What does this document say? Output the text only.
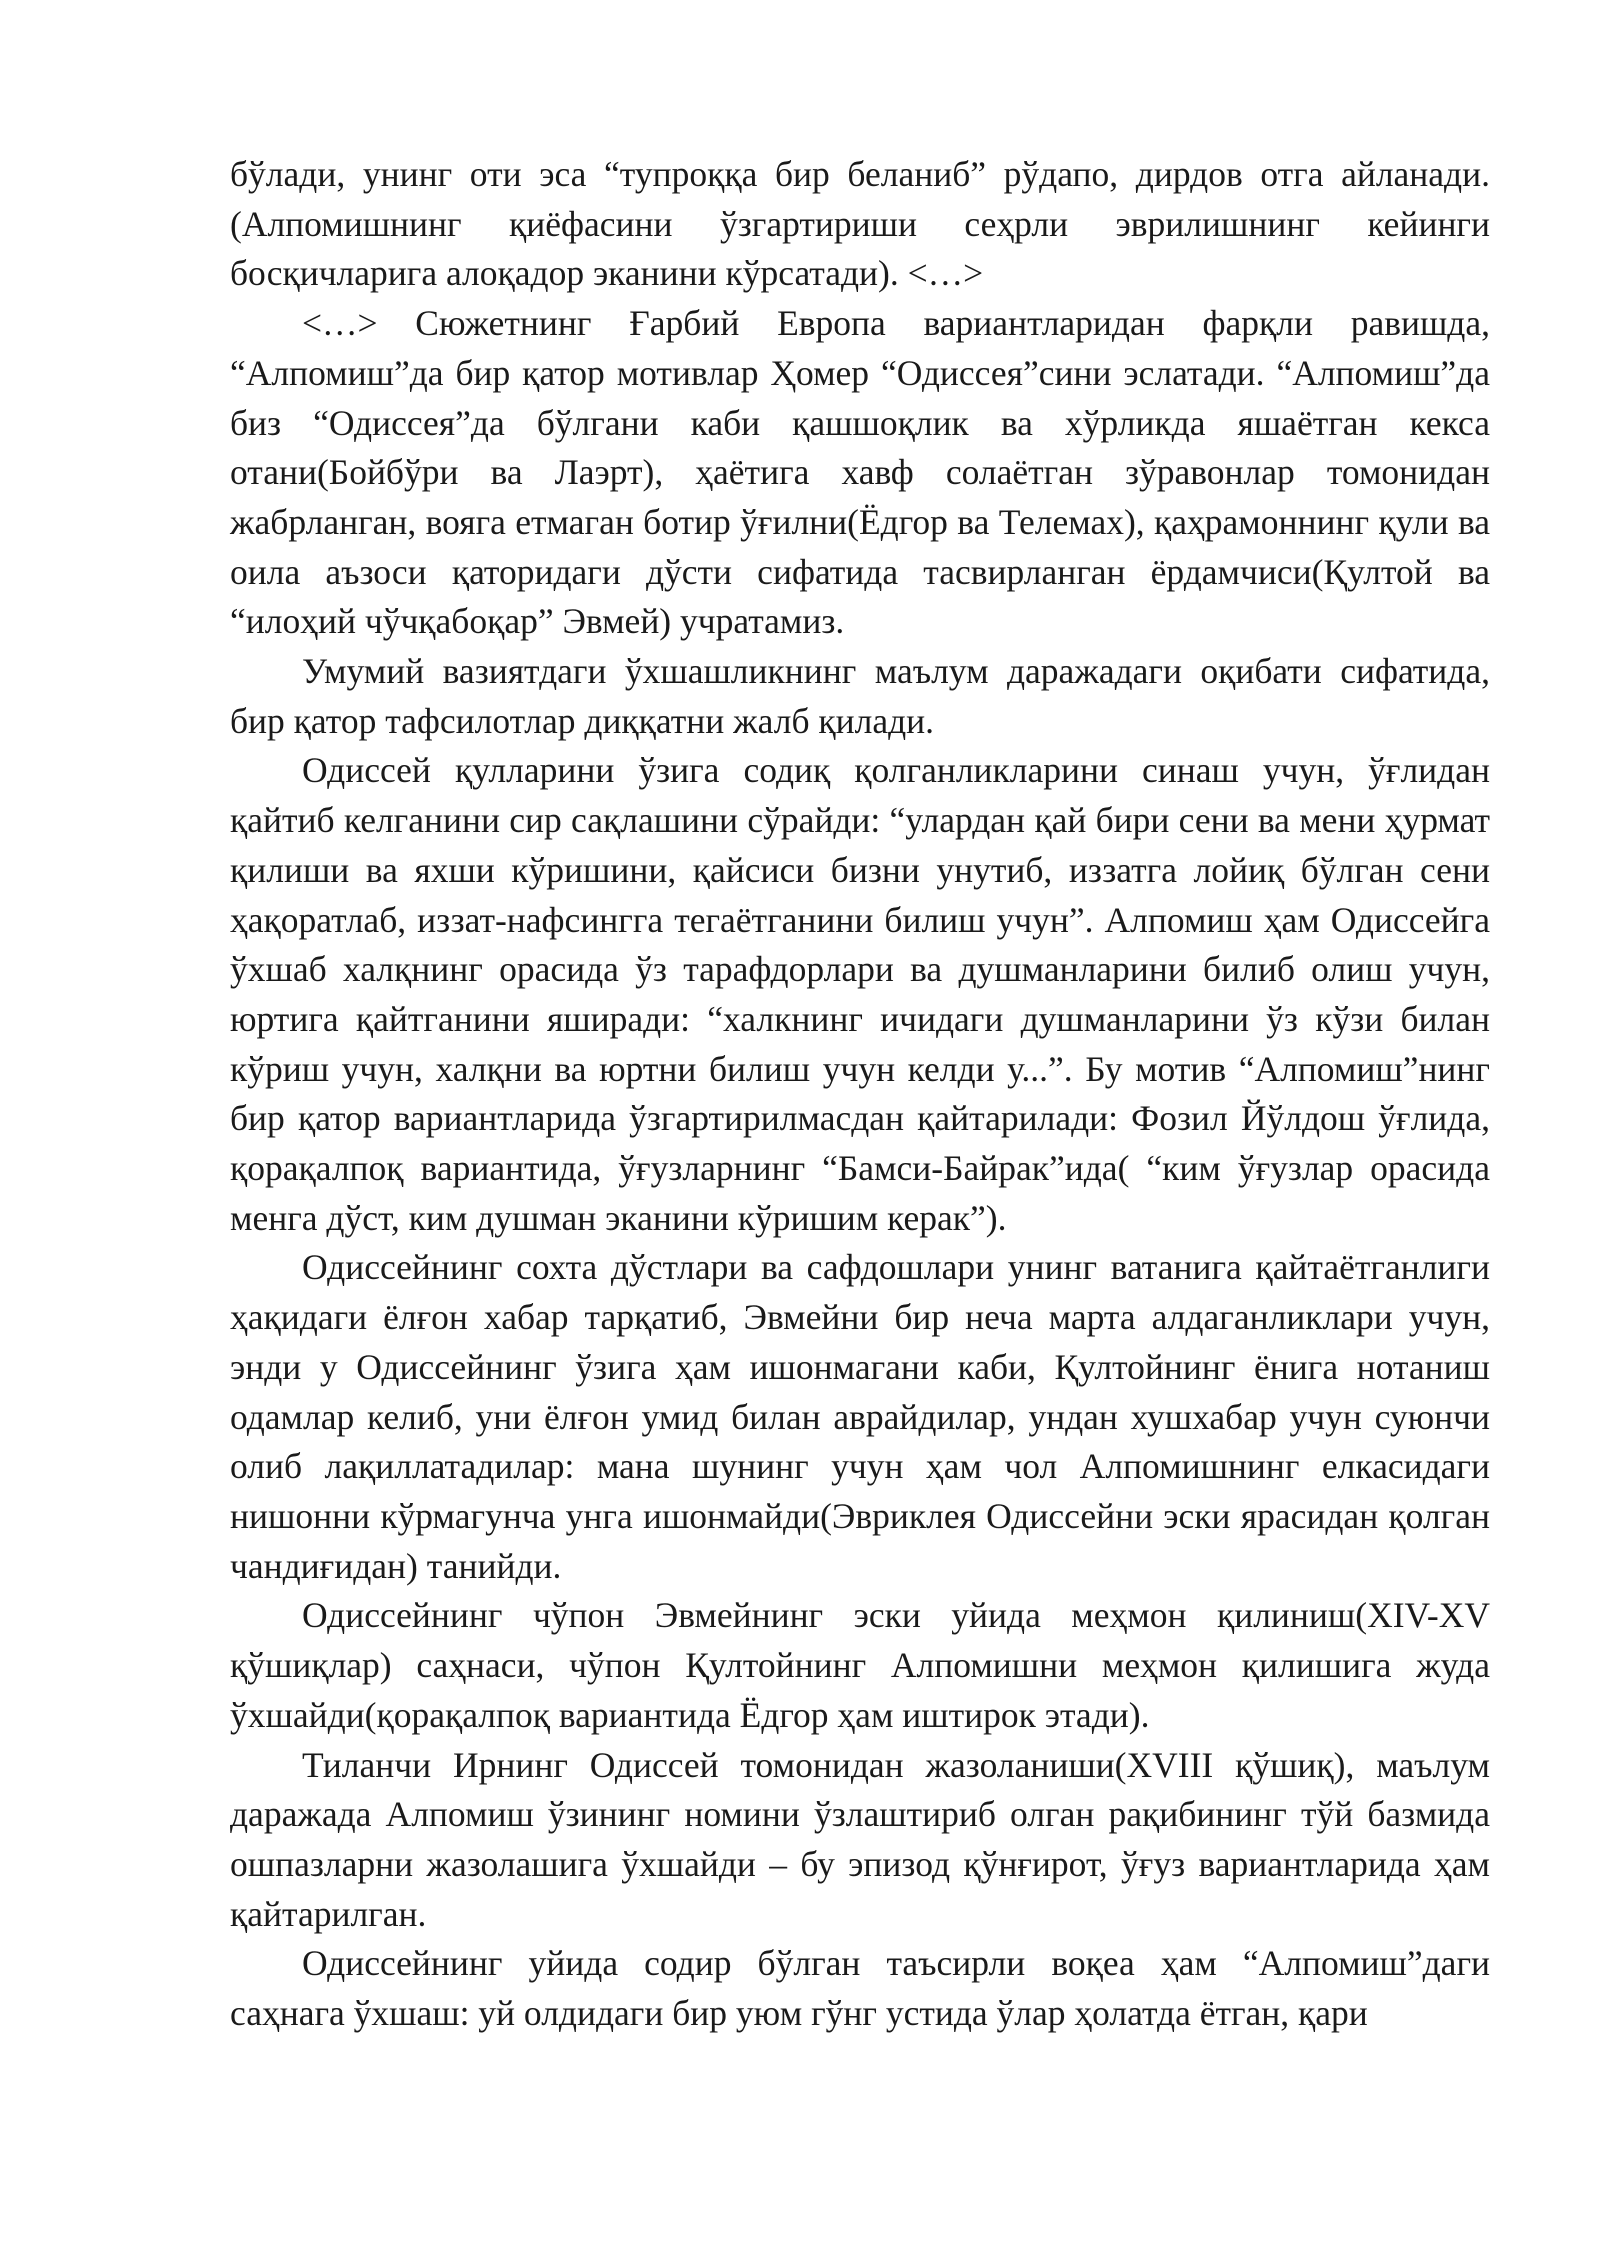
бўлади, унинг оти эса “тупроққа бир беланиб” рўдапо, дирдов отга айланади. (Алпомишнинг қиёфасини ўзгартириши сеҳрли эврилишнинг кейинги босқичларига алоқадор эканини кўрсатади). <…>

<…> Сюжетнинг Ғарбий Европа вариантларидан фарқли равишда, “Алпомиш”да бир қатор мотивлар Ҳомер “Одиссея”сини эслатади. “Алпомиш”да биз “Одиссея”да бўлгани каби қашшоқлик ва хўрликда яшаётган кекса отани(Бойбўри ва Лаэрт), ҳаётига хавф солаётган зўравонлар томонидан жабрланган, вояга етмаган ботир ўғилни(Ёдгор ва Телемах), қаҳрамоннинг қули ва оила аъзоси қаторидаги дўсти сифатида тасвирланган ёрдамчиси(Қултой ва “илоҳий чўчқабоқар” Эвмей) учратамиз.

Умумий вазиятдаги ўхшашликнинг маълум даражадаги оқибати сифатида, бир қатор тафсилотлар диққатни жалб қилади.

Одиссей қулларини ўзига содиқ қолганликларини синаш учун, ўғлидан қайтиб келганини сир сақлашини сўрайди: “улардан қай бири сени ва мени ҳурмат қилиши ва яхши кўришини, қайсиси бизни унутиб, иззатга лойиқ бўлган сени ҳақоратлаб, иззат-нафсингга тегаётганини билиш учун”. Алпомиш ҳам Одиссейга ўхшаб халқнинг орасида ўз тарафдорлари ва душманларини билиб олиш учун, юртига қайтганини яширади: “халкнинг ичидаги душманларини ўз кўзи билан кўриш учун, халқни ва юртни билиш учун келди у...”. Бу мотив “Алпомиш”нинг бир қатор вариантларида ўзгартирилмасдан қайтарилади: Фозил Йўлдош ўғлида, қорақалпоқ вариантида, ўғузларнинг “Бамси-Байрак”ида( “ким ўғузлар орасида менга дўст, ким душман эканини кўришим керак”).

Одиссейнинг сохта дўстлари ва сафдошлари унинг ватанига қайтаётганлиги ҳақидаги ёлғон хабар тарқатиб, Эвмейни бир неча марта алдаганликлари учун, энди у Одиссейнинг ўзига ҳам ишонмагани каби, Қултойнинг ёнига нотаниш одамлар келиб, уни ёлғон умид билан аврайдилар, ундан хушхабар учун суюнчи олиб лақиллатадилар: мана шунинг учун ҳам чол Алпомишнинг елкасидаги нишонни кўрмагунча унга ишонмайди(Эвриклея Одиссейни эски ярасидан қолган чандиғидан) танийди.

Одиссейнинг чўпон Эвмейнинг эски уйида меҳмон қилиниш(XIV-XV қўшиқлар) саҳнаси, чўпон Қултойнинг Алпомишни меҳмон қилишига жуда ўхшайди(қорақалпоқ вариантида Ёдгор ҳам иштирок этади).

Тиланчи Ирнинг Одиссей томонидан жазоланиши(XVIII қўшиқ), маълум даражада Алпомиш ўзининг номини ўзлаштириб олган рақибининг тўй базмида ошпазларни жазолашига ўхшайди – бу эпизод қўнғирот, ўғуз вариантларида ҳам қайтарилган.

Одиссейнинг уйида содир бўлган таъсирли воқеа ҳам “Алпомиш”даги саҳнага ўхшаш: уй олдидаги бир уюм гўнг устида ўлар ҳолатда ётган, қари
